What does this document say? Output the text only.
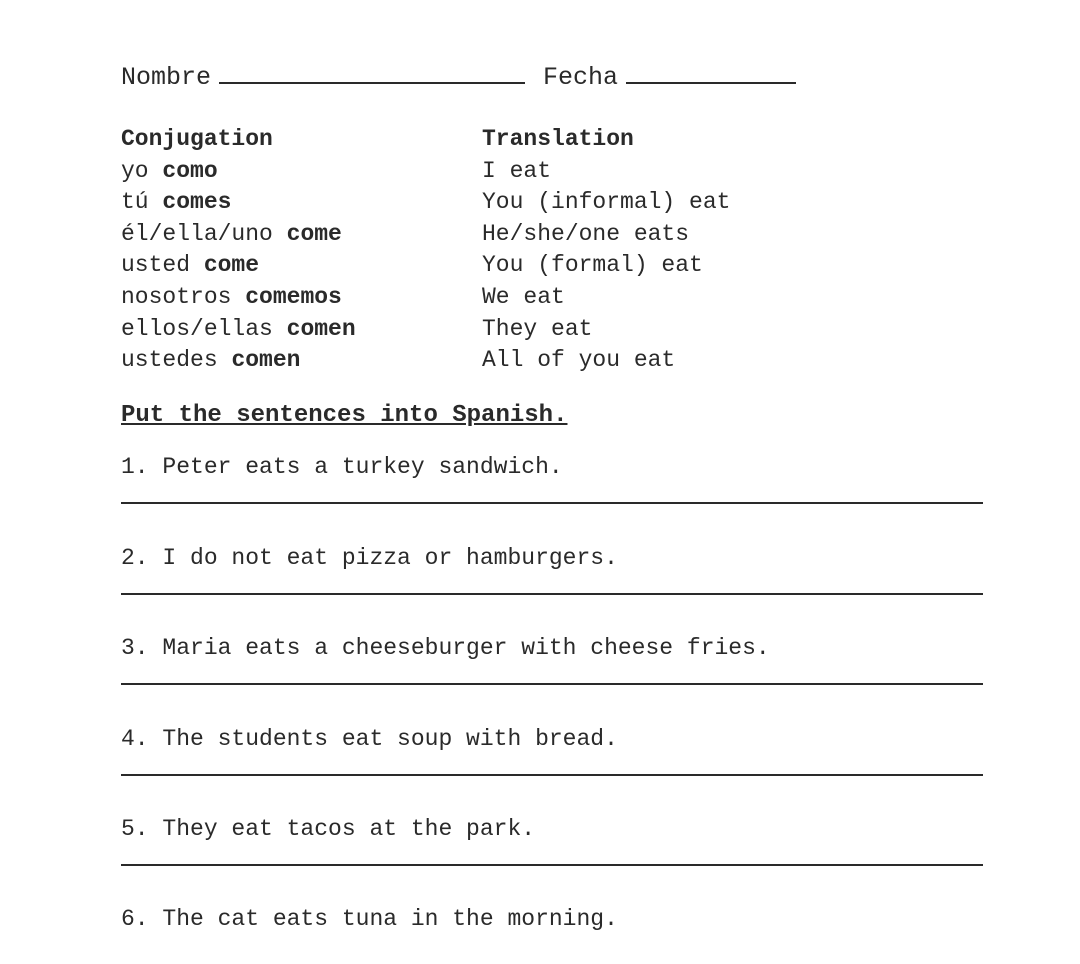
Nombre	Fecha
Conjugation
yo como
tú comes
él/ella/uno come
usted come
nosotros comemos
ellos/ellas comen
ustedes comen
Translation
I eat
You (informal) eat
He/she/one eats
You (formal) eat
We eat
They eat
All of you eat
Put the sentences into Spanish.
1. Peter eats a turkey sandwich.
2. I do not eat pizza or hamburgers.
3. Maria eats a cheeseburger with cheese fries.
4. The students eat soup with bread.
5. They eat tacos at the park.
6. The cat eats tuna in the morning.
